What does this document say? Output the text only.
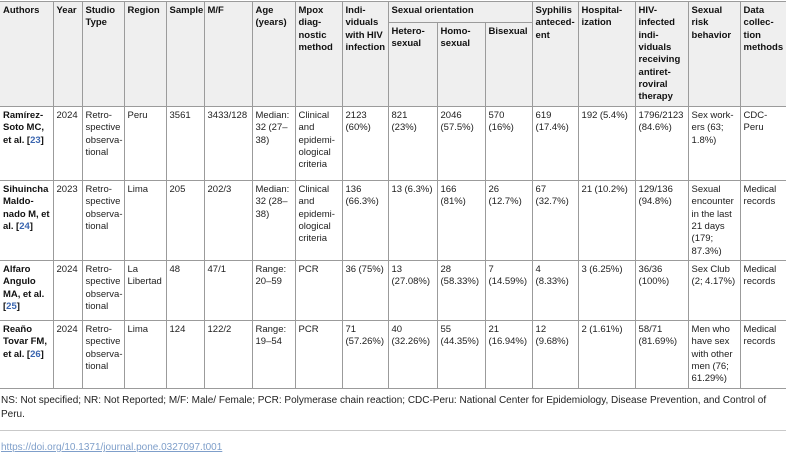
Authors	Year	Studio Type	Region	Sample	M/F	Age (years)	Mpox diagnostic method	Individuals with HIV infection	Sexual orientation			Syphilis antecedent	Hospitalization	HIV-infected individuals receiving antiretroviral therapy	Sexual risk behavior	Data collection methods
									Heterosexual	Homosexual	Bisexual					
Ramírez-Soto MC, et al. [23]	2024	Retrospective observational	Peru	3561	3433/128	Median: 32 (27–38)	Clinical and epidemiological criteria	2123 (60%)	821 (23%)	2046 (57.5%)	570 (16%)	619 (17.4%)	192 (5.4%)	1796/2123 (84.6%)	Sex workers (63; 1.8%)	CDC-Peru
Sihuincha Maldonado M, et al. [24]	2023	Retrospective observational	Lima	205	202/3	Median: 32 (28–38)	Clinical and epidemiological criteria	136 (66.3%)	13 (6.3%)	166 (81%)	26 (12.7%)	67 (32.7%)	21 (10.2%)	129/136 (94.8%)	Sexual encounter in the last 21 days (179; 87.3%)	Medical records
Alfaro Angulo MA, et al. [25]	2024	Retrospective observational	La Libertad	48	47/1	Range: 20–59	PCR	36 (75%)	13 (27.08%)	28 (58.33%)	7 (14.59%)	4 (8.33%)	3 (6.25%)	36/36 (100%)	Sex Club (2; 4.17%)	Medical records
Reaño Tovar FM, et al. [26]	2024	Retrospective observational	Lima	124	122/2	Range: 19–54	PCR	71 (57.26%)	40 (32.26%)	55 (44.35%)	21 (16.94%)	12 (9.68%)	2 (1.61%)	58/71 (81.69%)	Men who have sex with other men (76; 61.29%)	Medical records

NS: Not specified; NR: Not Reported; M/F: Male/ Female; PCR: Polymerase chain reaction; CDC-Peru: National Center for Epidemiology, Disease Prevention, and Control of Peru.

https://doi.org/10.1371/journal.pone.0327097.t001
